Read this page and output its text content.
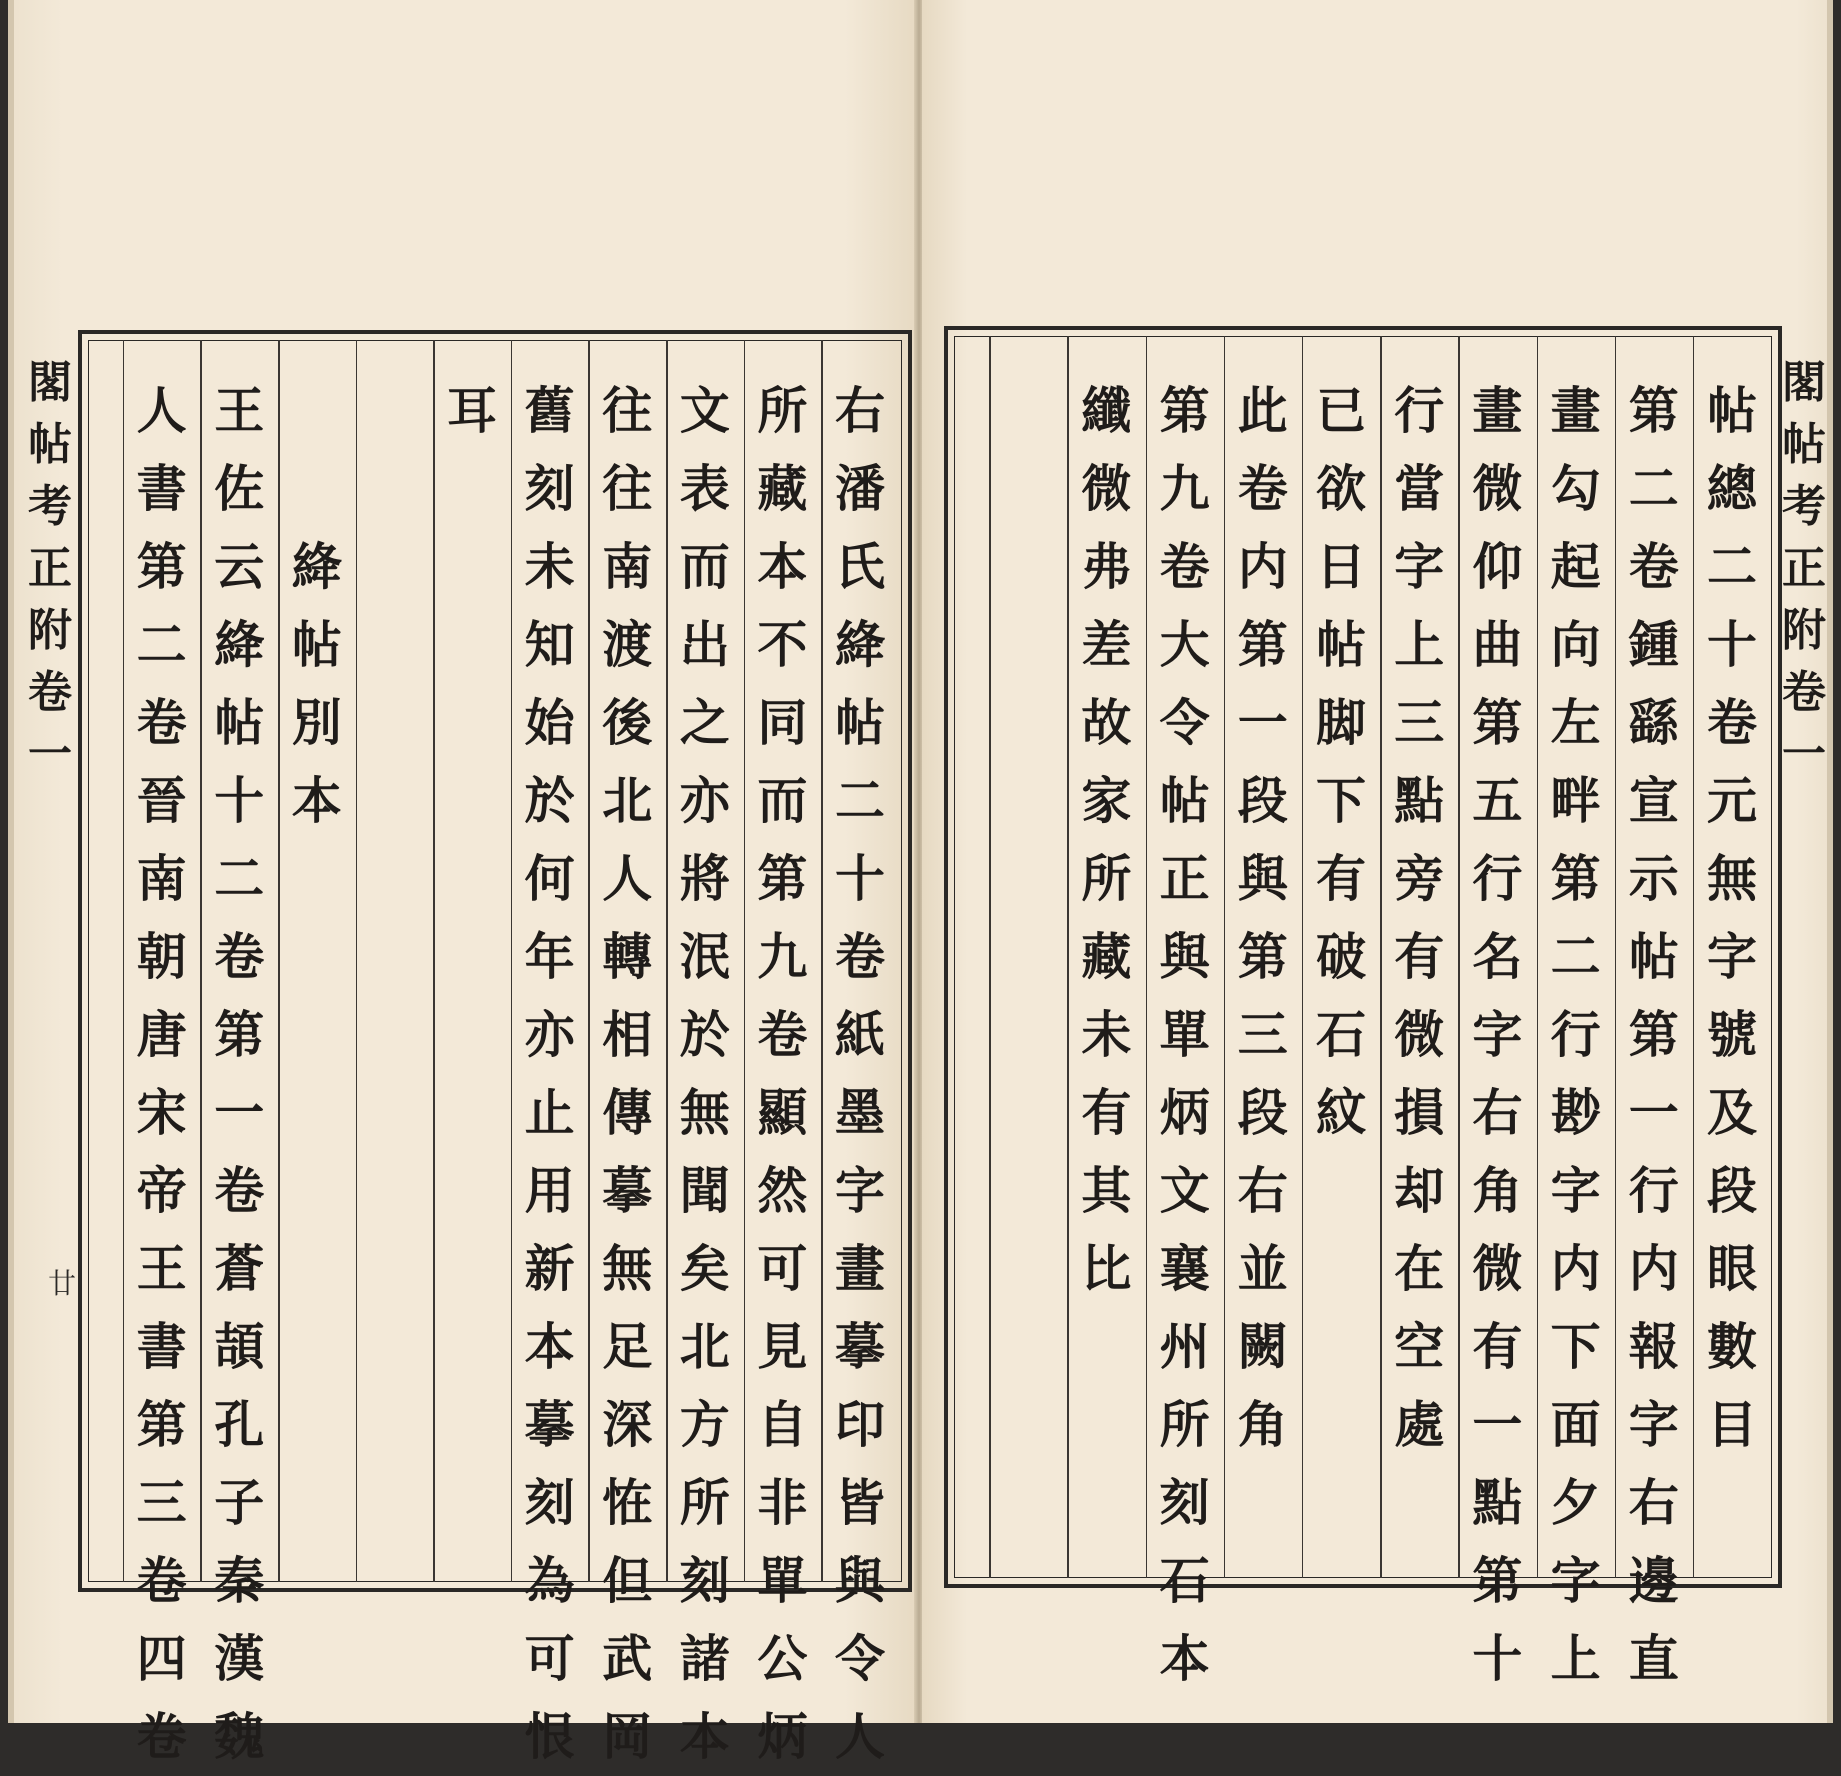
右
潘
氏
絳
帖
二
十
卷
紙
墨
字
畫
摹
印
皆
與
令
人
所
藏
本
不
同
而
第
九
卷
顯
然
可
見
自
非
單
公
炳
文
表
而
出
之
亦
將
泯
於
無
聞
矣
北
方
所
刻
諸
本
往
往
南
渡
後
北
人
轉
相
傳
摹
無
足
深
恠
但
武
岡
舊
刻
未
知
始
於
何
年
亦
止
用
新
本
摹
刻
為
可
恨
耳
絳
帖
別
本
王
佐
云
絳
帖
十
二
卷
第
一
卷
蒼
頡
孔
子
秦
漢
魏
人
書
第
二
卷
晉
南
朝
唐
宋
帝
王
書
第
三
卷
四
卷
閣
帖
考
正
附
卷
一
廿
帖
總
二
十
卷
元
無
字
號
及
段
眼
數
目
第
二
卷
鍾
繇
宣
示
帖
第
一
行
内
報
字
右
邊
直
畫
勾
起
向
左
畔
第
二
行
尠
字
内
下
面
夕
字
上
畫
微
仰
曲
第
五
行
名
字
右
角
微
有
一
點
第
十
行
當
字
上
三
點
旁
有
微
損
却
在
空
處
已
欲
日
帖
脚
下
有
破
石
紋
此
卷
内
第
一
段
與
第
三
段
右
並
闕
角
第
九
卷
大
令
帖
正
與
單
炳
文
襄
州
所
刻
石
本
纖
微
弗
差
故
家
所
藏
未
有
其
比
閣
帖
考
正
附
卷
一
